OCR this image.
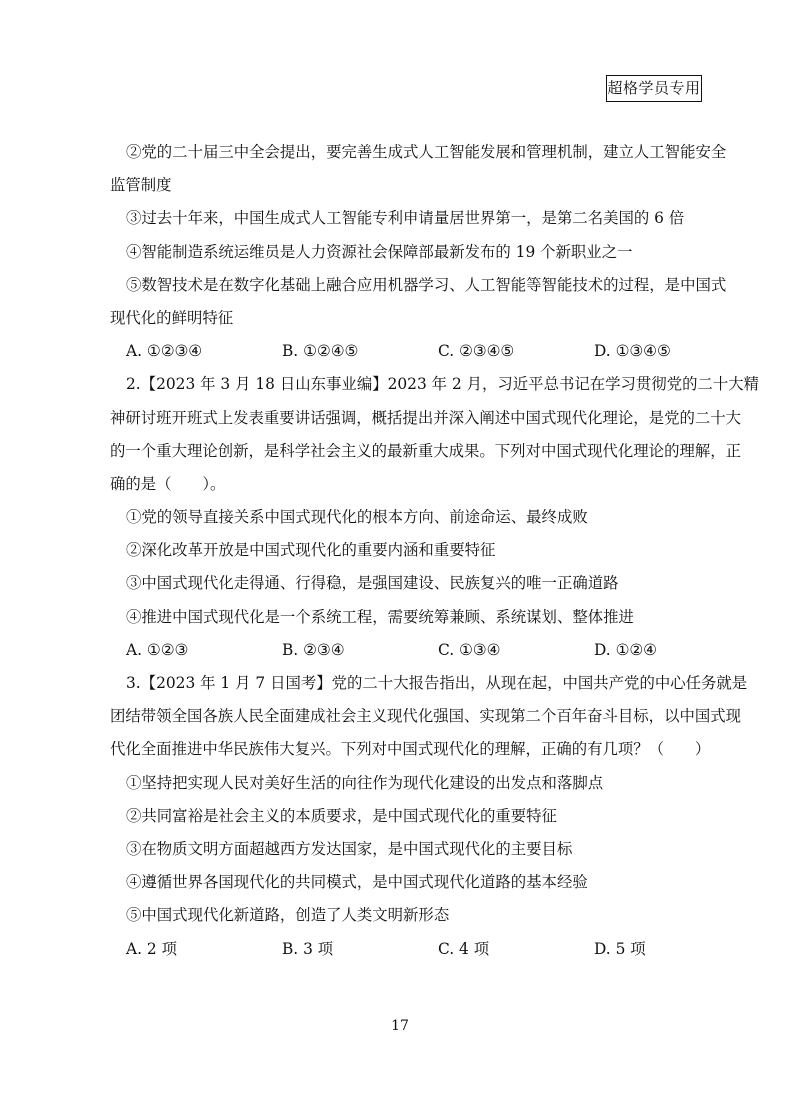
超格学员专用
②党的二十届三中全会提出，要完善生成式人工智能发展和管理机制，建立人工智能安全
监管制度
③过去十年来，中国生成式人工智能专利申请量居世界第一，是第二名美国的 6 倍
④智能制造系统运维员是人力资源社会保障部最新发布的 19 个新职业之一
⑤数智技术是在数字化基础上融合应用机器学习、人工智能等智能技术的过程，是中国式
现代化的鲜明特征
A. ①②③④	B. ①②④⑤	C. ②③④⑤	D. ①③④⑤
2.【2023 年 3 月 18 日山东事业编】2023 年 2 月，习近平总书记在学习贯彻党的二十大精
神研讨班开班式上发表重要讲话强调，概括提出并深入阐述中国式现代化理论，是党的二十大
的一个重大理论创新，是科学社会主义的最新重大成果。下列对中国式现代化理论的理解，正
确的是（　　）。
①党的领导直接关系中国式现代化的根本方向、前途命运、最终成败
②深化改革开放是中国式现代化的重要内涵和重要特征
③中国式现代化走得通、行得稳，是强国建设、民族复兴的唯一正确道路
④推进中国式现代化是一个系统工程，需要统筹兼顾、系统谋划、整体推进
A. ①②③	B. ②③④	C. ①③④	D. ①②④
3.【2023 年 1 月 7 日国考】党的二十大报告指出，从现在起，中国共产党的中心任务就是
团结带领全国各族人民全面建成社会主义现代化强国、实现第二个百年奋斗目标，以中国式现
代化全面推进中华民族伟大复兴。下列对中国式现代化的理解，正确的有几项？（　　）
①坚持把实现人民对美好生活的向往作为现代化建设的出发点和落脚点
②共同富裕是社会主义的本质要求，是中国式现代化的重要特征
③在物质文明方面超越西方发达国家，是中国式现代化的主要目标
④遵循世界各国现代化的共同模式，是中国式现代化道路的基本经验
⑤中国式现代化新道路，创造了人类文明新形态
A. 2 项	B. 3 项	C. 4 项	D. 5 项
17
